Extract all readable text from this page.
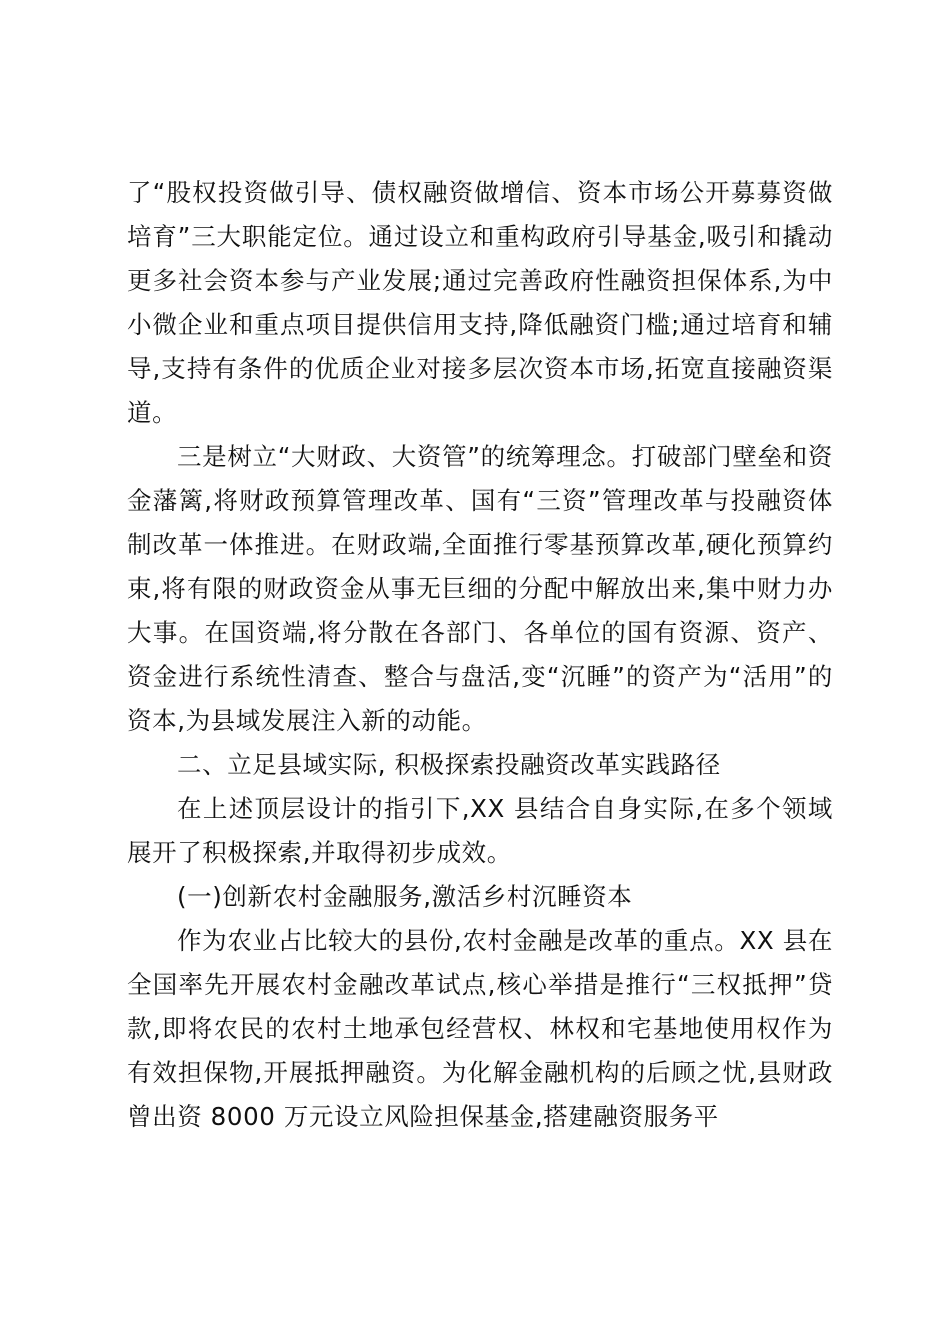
了“股权投资做引导、债权融资做增信、资本市场公开募募资做培育”三大职能定位。通过设立和重构政府引导基金,吸引和撬动更多社会资本参与产业发展;通过完善政府性融资担保体系,为中小微企业和重点项目提供信用支持,降低融资门槛;通过培育和辅导,支持有条件的优质企业对接多层次资本市场,拓宽直接融资渠道。

三是树立“大财政、大资管”的统筹理念。打破部门壁垒和资金藩篱,将财政预算管理改革、国有“三资”管理改革与投融资体制改革一体推进。在财政端,全面推行零基预算改革,硬化预算约束,将有限的财政资金从事无巨细的分配中解放出来,集中财力办大事。在国资端,将分散在各部门、各单位的国有资源、资产、资金进行系统性清查、整合与盘活,变“沉睡”的资产为“活用”的资本,为县域发展注入新的动能。

二、立足县域实际, 积极探索投融资改革实践路径

在上述顶层设计的指引下,XX 县结合自身实际,在多个领域展开了积极探索,并取得初步成效。

(一)创新农村金融服务,激活乡村沉睡资本

作为农业占比较大的县份,农村金融是改革的重点。XX 县在全国率先开展农村金融改革试点,核心举措是推行“三权抵押”贷款,即将农民的农村土地承包经营权、林权和宅基地使用权作为有效担保物,开展抵押融资。为化解金融机构的后顾之忧,县财政曾出资 8000 万元设立风险担保基金,搭建融资服务平
